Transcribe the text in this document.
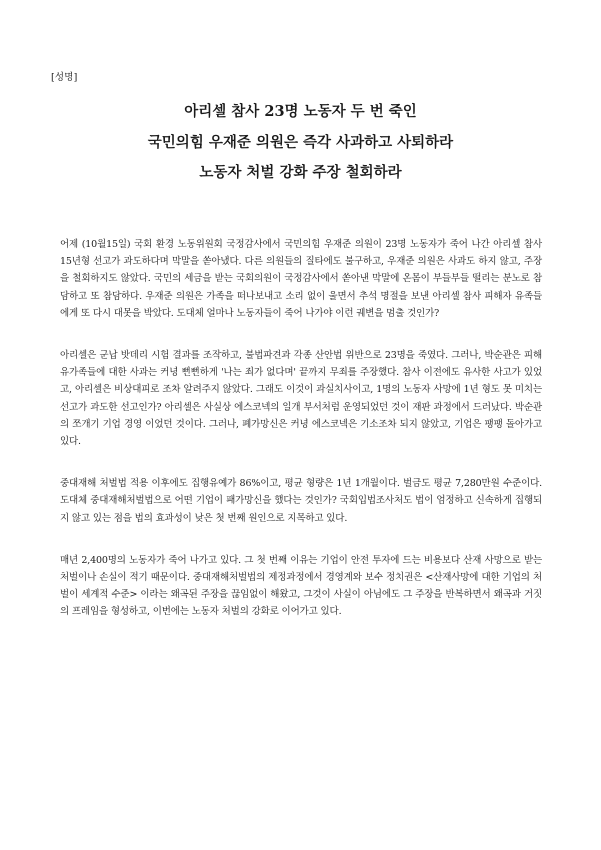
[성명]
아리셀 참사 23명 노동자 두 번 죽인
국민의힘 우재준 의원은 즉각 사과하고 사퇴하라
노동자 처벌 강화 주장 철회하라

어제 (10월15일) 국회 환경 노동위원회 국정감사에서 국민의힘 우재준 의원이 23명 노동자가 죽어 나간 아리셀 참사 15년형 선고가 과도하다며 막말을 쏟아냈다. 다른 의원들의 질타에도 불구하고, 우재준 의원은 사과도 하지 않고, 주장을 철회하지도 않았다. 국민의 세금을 받는 국회의원이 국정감사에서 쏟아낸 막말에 온몸이 부들부들 떨리는 분노로 참담하고 또 참담하다. 우재준 의원은 가족을 떠나보내고 소리 없이 울면서 추석 명절을 보낸 아리셀 참사 피해자 유족들에게 또 다시 대못을 박았다. 도대체 얼마나 노동자들이 죽어 나가야 이런 궤변을 멈출 것인가?

아리셀은 군납 밧데리 시험 결과를 조작하고, 불법파견과 각종 산안법 위반으로 23명을 죽였다. 그러나, 박순관은 피해 유가족들에 대한 사과는 커녕 뻔뻔하게 '나는 죄가 없다며' 끝까지 무죄를 주장했다. 참사 이전에도 유사한 사고가 있었고, 아리셀은 비상대피로 조차 알려주지 않았다. 그래도 이것이 과실치사이고, 1명의 노동자 사망에 1년 형도 못 미치는 선고가 과도한 선고인가? 아리셀은 사실상 에스코넥의 일개 부서처럼 운영되었던 것이 재판 과정에서 드러났다. 박순관의 쪼개기 기업 경영 이었던 것이다. 그러나, 폐가망신은 커녕 에스코넥은 기소조차 되지 않았고, 기업은 팽팽 돌아가고 있다.

중대재해 처벌법 적용 이후에도 집행유예가 86%이고, 평균 형량은 1년 1개월이다. 벌금도 평균 7,280만원 수준이다. 도대체 중대재해처벌법으로 어떤 기업이 패가망신을 했다는 것인가? 국회입법조사처도 법이 엄정하고 신속하게 집행되지 않고 있는 점을 법의 효과성이 낮은 첫 번째 원인으로 지목하고 있다.

매년 2,400명의 노동자가 죽어 나가고 있다. 그 첫 번째 이유는 기업이 안전 투자에 드는 비용보다 산재 사망으로 받는 처벌이나 손실이 적기 때문이다. 중대재해처벌법의 제정과정에서 경영계와 보수 정치권은 <산재사망에 대한 기업의 처벌이 세계적 수준> 이라는 왜곡된 주장을 끊임없이 해왔고, 그것이 사실이 아님에도 그 주장을 반복하면서 왜곡과 거짓의 프레임을 형성하고, 이번에는 노동자 처벌의 강화로 이어가고 있다.
